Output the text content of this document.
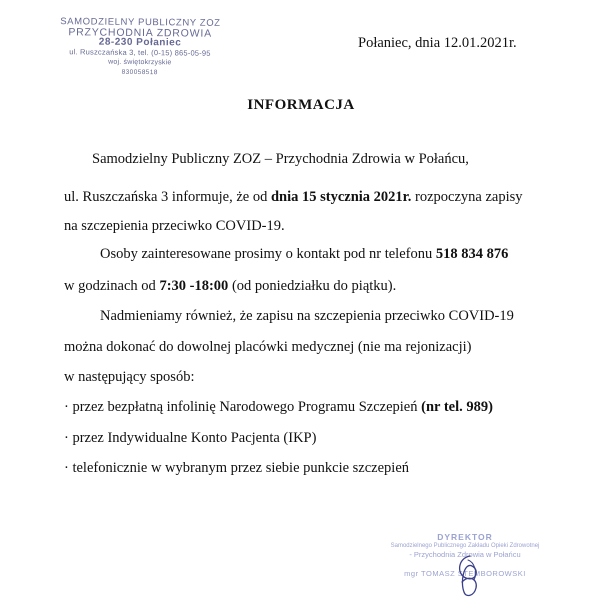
SAMODZIELNY PUBLICZNY ZOZ
PRZYCHODNIA ZDROWIA
28-230 Połaniec
ul. Ruszczańska 3, tel. (0-15) 865-05-95
woj. świętokrzyskie
830058518
Połaniec, dnia 12.01.2021r.
INFORMACJA
Samodzielny Publiczny ZOZ – Przychodnia Zdrowia w Połańcu,
ul. Ruszczańska 3 informuje, że od dnia 15 stycznia 2021r. rozpoczyna zapisy
na szczepienia przeciwko COVID-19.
Osoby zainteresowane prosimy o kontakt pod nr telefonu 518 834 876
w godzinach od 7:30 -18:00 (od poniedziałku do piątku).
Nadmieniamy również, że zapisu na szczepienia przeciwko COVID-19
można dokonać do dowolnej placówki medycznej (nie ma rejonizacji)
w następujący sposób:
· przez bezpłatną infolinię Narodowego Programu Szczepień (nr tel. 989)
· przez Indywidualne Konto Pacjenta (IKP)
· telefonicznie w wybranym przez siebie punkcie szczepień
DYREKTOR
Samodzielnego Publicznego Zakładu Opieki Zdrowotnej
- Przychodnia Zdrowia w Połańcu
mgr TOMASZ STEMBOROWSKI
